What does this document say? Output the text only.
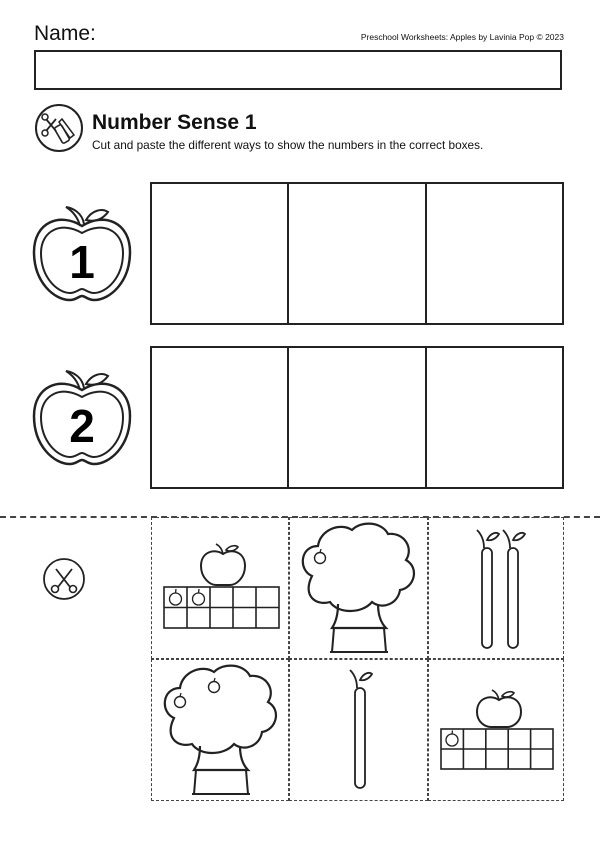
Name:	Preschool Worksheets: Apples by Lavinia Pop © 2023
Number Sense 1
Cut and paste the different ways to show the numbers in the correct boxes.
1
2
